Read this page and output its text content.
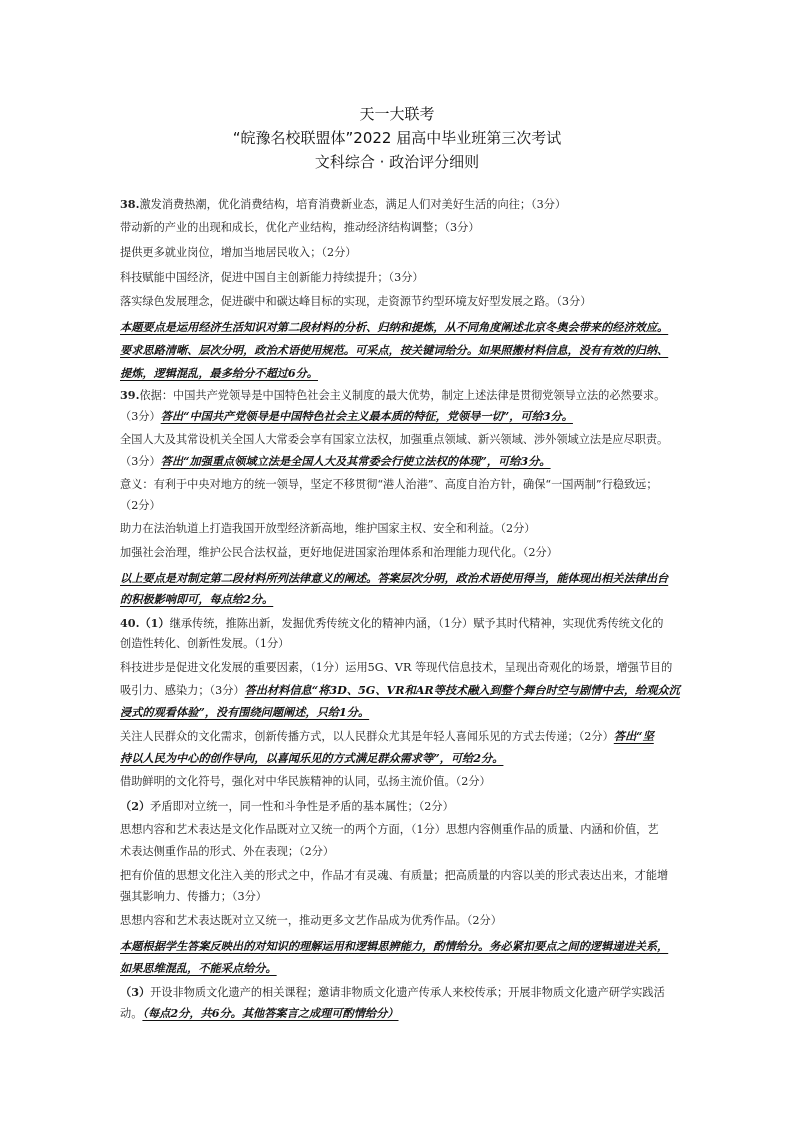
天一大联考
“皖豫名校联盟体”2022 届高中毕业班第三次考试
文科综合 · 政治评分细则
38.激发消费热潮，优化消费结构，培育消费新业态，满足人们对美好生活的向往；（3分）
带动新的产业的出现和成长，优化产业结构，推动经济结构调整；（3分）
提供更多就业岗位，增加当地居民收入；（2分）
科技赋能中国经济，促进中国自主创新能力持续提升；（3分）
落实绿色发展理念，促进碳中和碳达峰目标的实现，走资源节约型环境友好型发展之路。（3分）
本题要点是运用经济生活知识对第二段材料的分析、归纳和提炼，从不同角度阐述北京冬奥会带来的经济效应。
要求思路清晰、层次分明，政治术语使用规范。可采点，按关键词给分。如果照搬材料信息，没有有效的归纳、
提炼，逻辑混乱，最多给分不超过6分。
39.依据：中国共产党领导是中国特色社会主义制度的最大优势，制定上述法律是贯彻党领导立法的必然要求。
（3分）答出“中国共产党领导是中国特色社会主义最本质的特征，党领导一切”，可给3分。
全国人大及其常设机关全国人大常委会享有国家立法权，加强重点领域、新兴领域、涉外领域立法是应尽职责。
（3分）答出“加强重点领域立法是全国人大及其常委会行使立法权的体现”，可给3分。
意义：有利于中央对地方的统一领导，坚定不移贯彻“港人治港”、高度自治方针，确保“一国两制”行稳致远；
（2分）
助力在法治轨道上打造我国开放型经济新高地，维护国家主权、安全和利益。（2分）
加强社会治理，维护公民合法权益，更好地促进国家治理体系和治理能力现代化。（2分）
以上要点是对制定第二段材料所列法律意义的阐述。答案层次分明，政治术语使用得当，能体现出相关法律出台
的积极影响即可，每点给2分。
40.（1）继承传统，推陈出新，发掘优秀传统文化的精神内涵，（1分）赋予其时代精神，实现优秀传统文化的
创造性转化、创新性发展。（1分）
科技进步是促进文化发展的重要因素，（1分）运用5G、VR 等现代信息技术，呈现出奇观化的场景，增强节目的
吸引力、感染力；（3分）答出材料信息“将3D、5G、VR和AR等技术融入到整个舞台时空与剧情中去，给观众沉
浸式的观看体验”，没有围绕问题阐述，只给1分。
关注人民群众的文化需求，创新传播方式，以人民群众尤其是年轻人喜闻乐见的方式去传递；（2分）答出“坚
持以人民为中心的创作导向，以喜闻乐见的方式满足群众需求等”，可给2分。
借助鲜明的文化符号，强化对中华民族精神的认同，弘扬主流价值。（2分）
（2）矛盾即对立统一，同一性和斗争性是矛盾的基本属性；（2分）
思想内容和艺术表达是文化作品既对立又统一的两个方面，（1分）思想内容侧重作品的质量、内涵和价值，艺
术表达侧重作品的形式、外在表现；（2分）
把有价值的思想文化注入美的形式之中，作品才有灵魂、有质量；把高质量的内容以美的形式表达出来，才能增
强其影响力、传播力；（3分）
思想内容和艺术表达既对立又统一，推动更多文艺作品成为优秀作品。（2分）
本题根据学生答案反映出的对知识的理解运用和逻辑思辨能力，酌情给分。务必紧扣要点之间的逻辑递进关系，
如果思维混乱，不能采点给分。
（3）开设非物质文化遗产的相关课程；邀请非物质文化遗产传承人来校传承；开展非物质文化遗产研学实践活
动。（每点2分，共6分。其他答案言之成理可酌情给分）
